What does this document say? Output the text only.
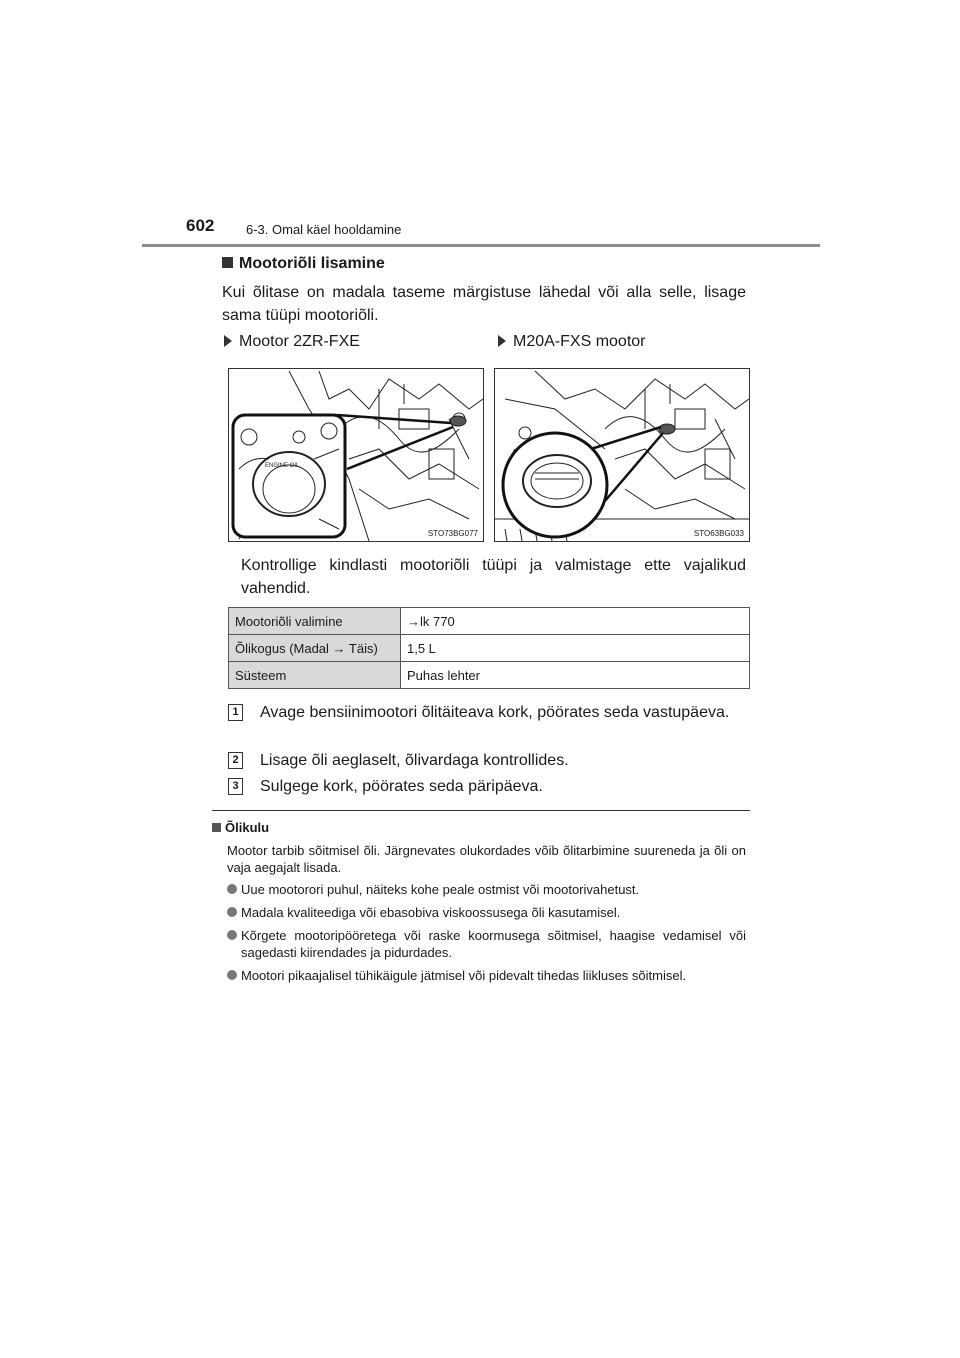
602 6-3. Omal käel hooldamine
Mootoriõli lisamine
Kui õlitase on madala taseme märgistuse lähedal või alla selle, lisage sama tüüpi mootoriõli.
Mootor 2ZR-FXE	M20A-FXS mootor
ENGINE OIL
STO73BG077	STO63BG033
Kontrollige kindlasti mootoriõli tüüpi ja valmistage ette vajalikud vahendid.
Mootoriõli valimine	→lk 770
Õlikogus (Madal → Täis)	1,5 L
Süsteem	Puhas lehter
1 Avage bensiinimootori õlitäiteava kork, pöörates seda vastupäeva.
2 Lisage õli aeglaselt, õlivardaga kontrollides.
3 Sulgege kork, pöörates seda päripäeva.
Õlikulu
Mootor tarbib sõitmisel õli. Järgnevates olukordades võib õlitarbimine suureneda ja õli on vaja aegajalt lisada.
Uue mootorori puhul, näiteks kohe peale ostmist või mootorivahetust.
Madala kvaliteediga või ebasobiva viskoossusega õli kasutamisel.
Kõrgete mootoripööretega või raske koormusega sõitmisel, haagise vedamisel või sagedasti kiirendades ja pidurdades.
Mootori pikaajalisel tühikäigule jätmisel või pidevalt tihedas liikluses sõitmisel.
